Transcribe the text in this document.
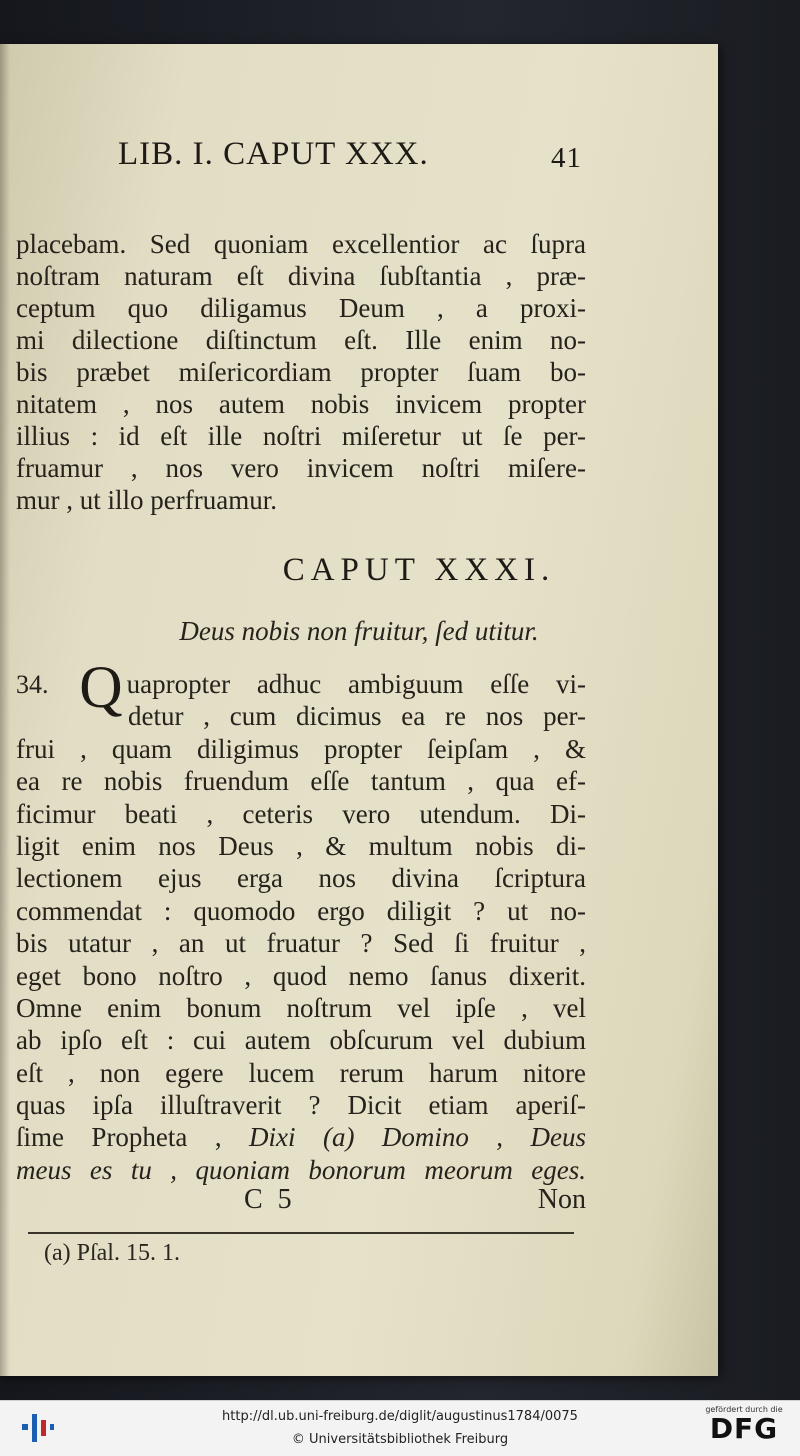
LIB. I. CAPUT XXX.	41
placebam. Sed quoniam excellentior ac ſupra
noſtram naturam eſt divina ſubſtantia , præ-
ceptum quo diligamus Deum , a proxi-
mi dilectione diſtinctum eſt. Ille enim no-
bis præbet miſericordiam propter ſuam bo-
nitatem , nos autem nobis invicem propter
illius : id eſt ille noſtri miſeretur ut ſe per-
fruamur , nos vero invicem noſtri miſere-
mur , ut illo perfruamur.
CAPUT XXXI.
Deus nobis non fruitur, ſed utitur.
34. Q uapropter adhuc ambiguum eſſe vi-
detur , cum dicimus ea re nos per-
frui , quam diligimus propter ſeipſam , &
ea re nobis fruendum eſſe tantum , qua ef-
ficimur beati , ceteris vero utendum. Di-
ligit enim nos Deus , & multum nobis di-
lectionem ejus erga nos divina ſcriptura
commendat : quomodo ergo diligit ? ut no-
bis utatur , an ut fruatur ? Sed ſi fruitur ,
eget bono noſtro , quod nemo ſanus dixerit.
Omne enim bonum noſtrum vel ipſe , vel
ab ipſo eſt : cui autem obſcurum vel dubium
eſt , non egere lucem rerum harum nitore
quas ipſa illuſtraverit ? Dicit etiam aperiſ-
ſime Propheta , Dixi (a) Domino , Deus
meus es tu , quoniam bonorum meorum eges.
C 5	Non
(a) Pſal. 15. 1.
http://dl.ub.uni-freiburg.de/diglit/augustinus1784/0075
© Universitätsbibliothek Freiburg
gefördert durch die
DFG
